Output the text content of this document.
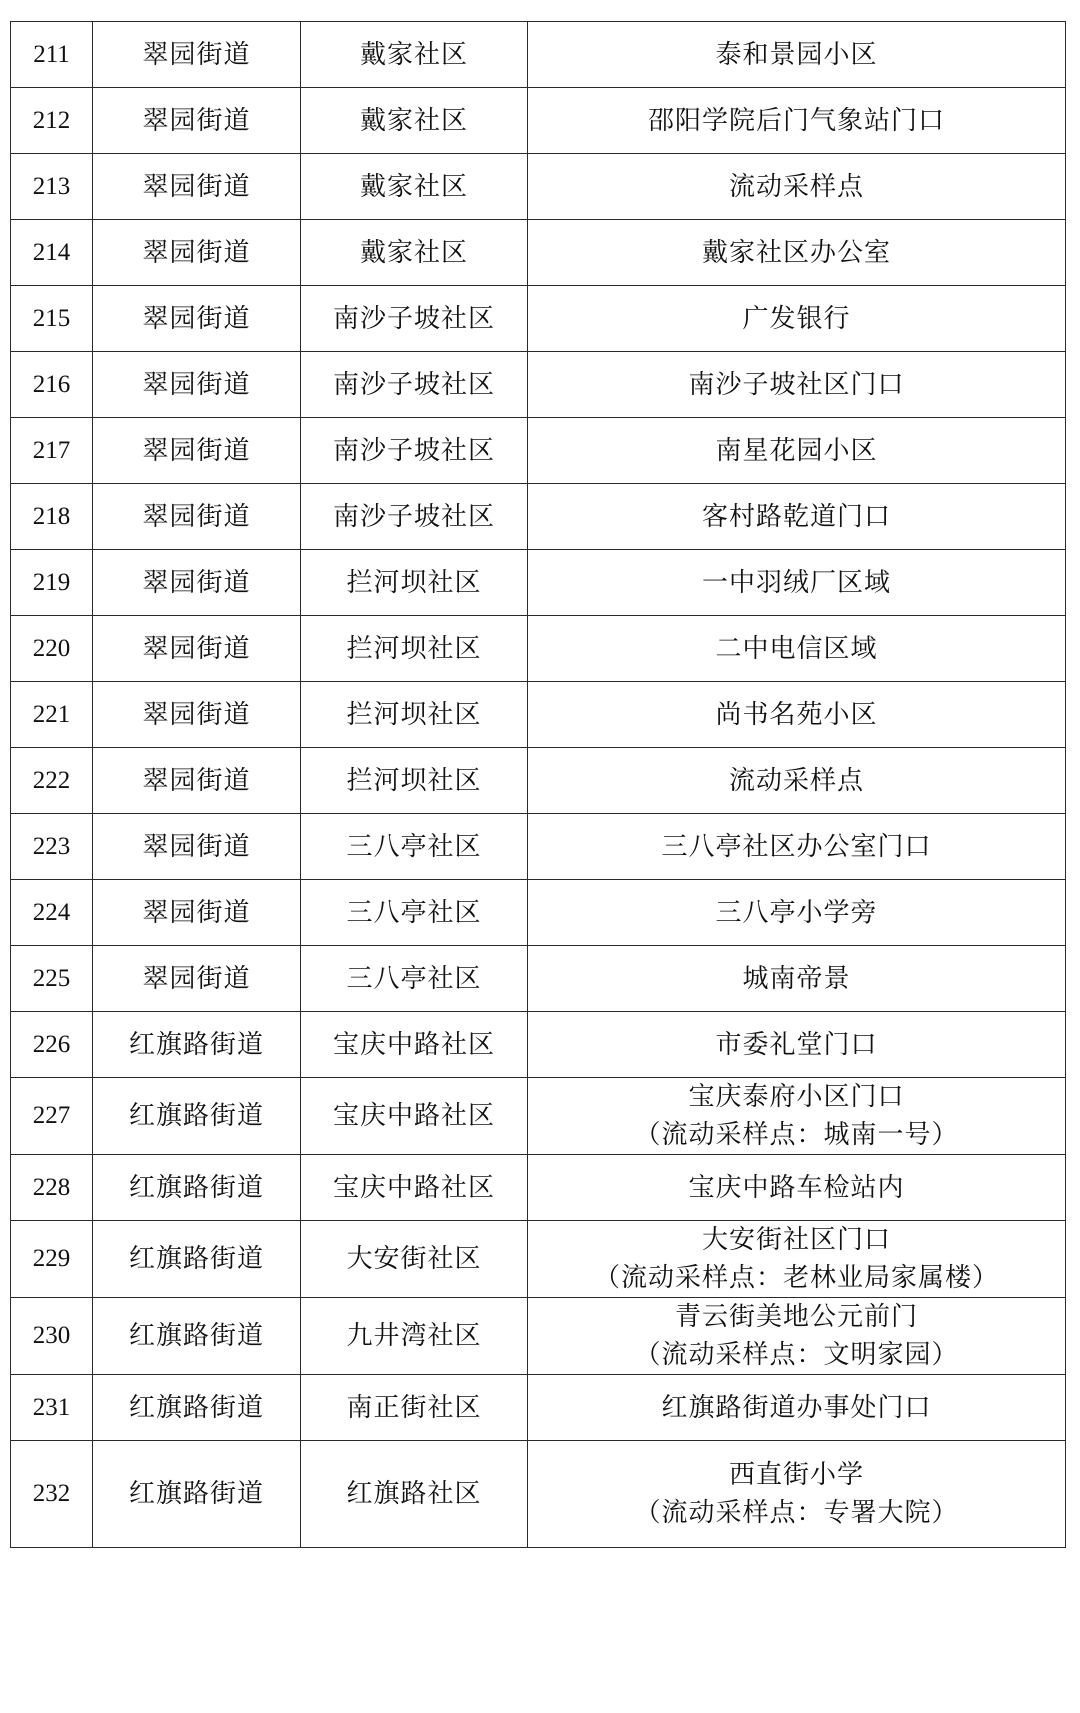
211	翠园街道	戴家社区	泰和景园小区

212	翠园街道	戴家社区	邵阳学院后门气象站门口

213	翠园街道	戴家社区	流动采样点

214	翠园街道	戴家社区	戴家社区办公室

215	翠园街道	南沙子坡社区	广发银行

216	翠园街道	南沙子坡社区	南沙子坡社区门口

217	翠园街道	南沙子坡社区	南星花园小区

218	翠园街道	南沙子坡社区	客村路乾道门口

219	翠园街道	拦河坝社区	一中羽绒厂区域

220	翠园街道	拦河坝社区	二中电信区域

221	翠园街道	拦河坝社区	尚书名苑小区

222	翠园街道	拦河坝社区	流动采样点

223	翠园街道	三八亭社区	三八亭社区办公室门口

224	翠园街道	三八亭社区	三八亭小学旁

225	翠园街道	三八亭社区	城南帝景

226	红旗路街道	宝庆中路社区	市委礼堂门口

227	红旗路街道	宝庆中路社区	宝庆泰府小区门口
（流动采样点：城南一号）

228	红旗路街道	宝庆中路社区	宝庆中路车检站内

229	红旗路街道	大安街社区	大安街社区门口
（流动采样点：老林业局家属楼）

230	红旗路街道	九井湾社区	青云街美地公元前门
（流动采样点：文明家园）

231	红旗路街道	南正街社区	红旗路街道办事处门口

232	红旗路街道	红旗路社区	西直街小学
（流动采样点：专署大院）
